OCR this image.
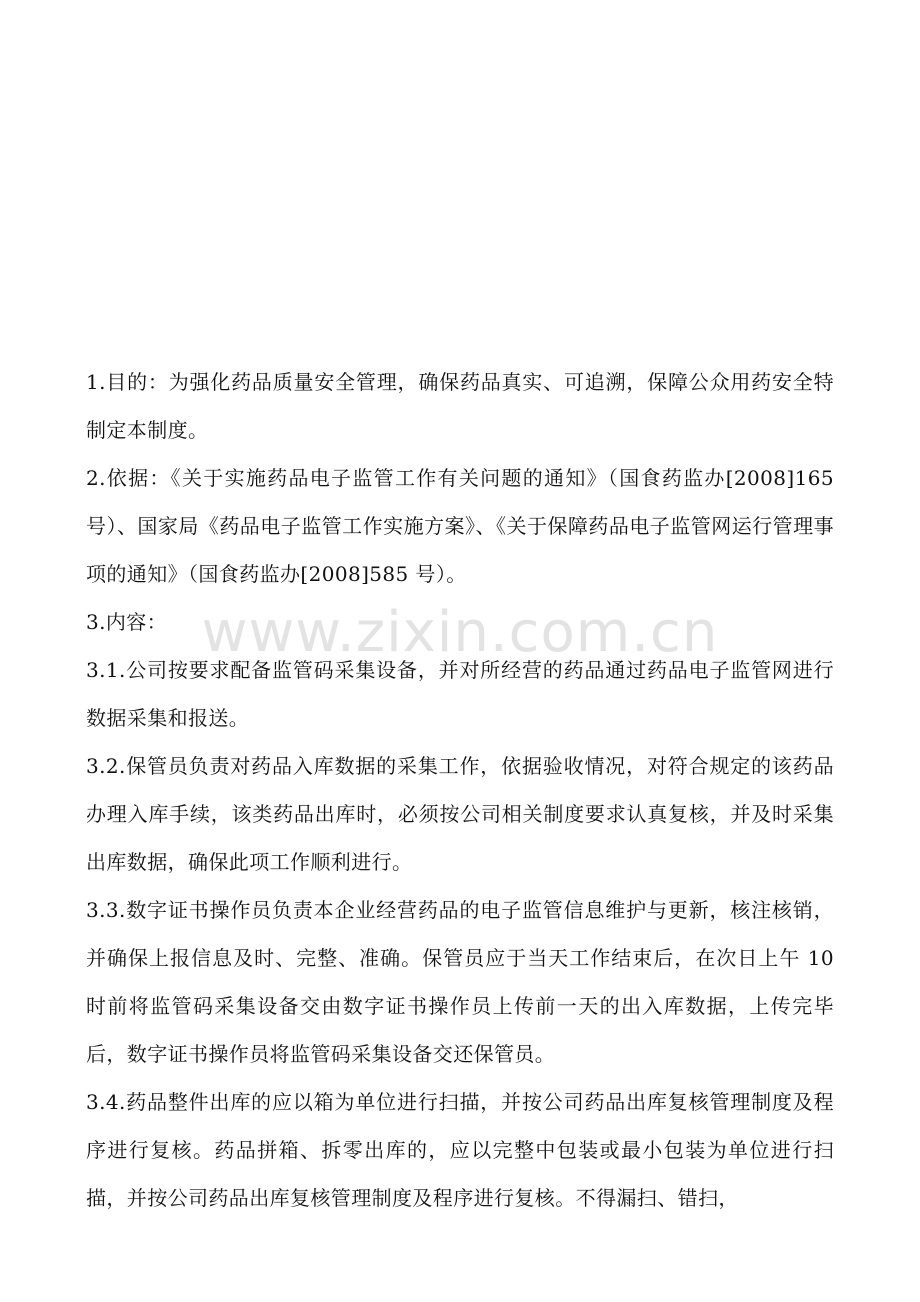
www.zixin.com.cn

1.目的：为强化药品质量安全管理，确保药品真实、可追溯，保障公众用药安全特制定本制度。

2.依据：《关于实施药品电子监管工作有关问题的通知》（国食药监办[2008]165号）、国家局《药品电子监管工作实施方案》、《关于保障药品电子监管网运行管理事项的通知》（国食药监办[2008]585 号）。

3.内容：

3.1.公司按要求配备监管码采集设备，并对所经营的药品通过药品电子监管网进行数据采集和报送。

3.2.保管员负责对药品入库数据的采集工作，依据验收情况，对符合规定的该药品办理入库手续，该类药品出库时，必须按公司相关制度要求认真复核，并及时采集出库数据，确保此项工作顺利进行。

3.3.数字证书操作员负责本企业经营药品的电子监管信息维护与更新，核注核销，并确保上报信息及时、完整、准确。保管员应于当天工作结束后，在次日上午 10 时前将监管码采集设备交由数字证书操作员上传前一天的出入库数据，上传完毕后，数字证书操作员将监管码采集设备交还保管员。

3.4.药品整件出库的应以箱为单位进行扫描，并按公司药品出库复核管理制度及程序进行复核。药品拼箱、拆零出库的，应以完整中包装或最小包装为单位进行扫描，并按公司药品出库复核管理制度及程序进行复核。不得漏扫、错扫，
